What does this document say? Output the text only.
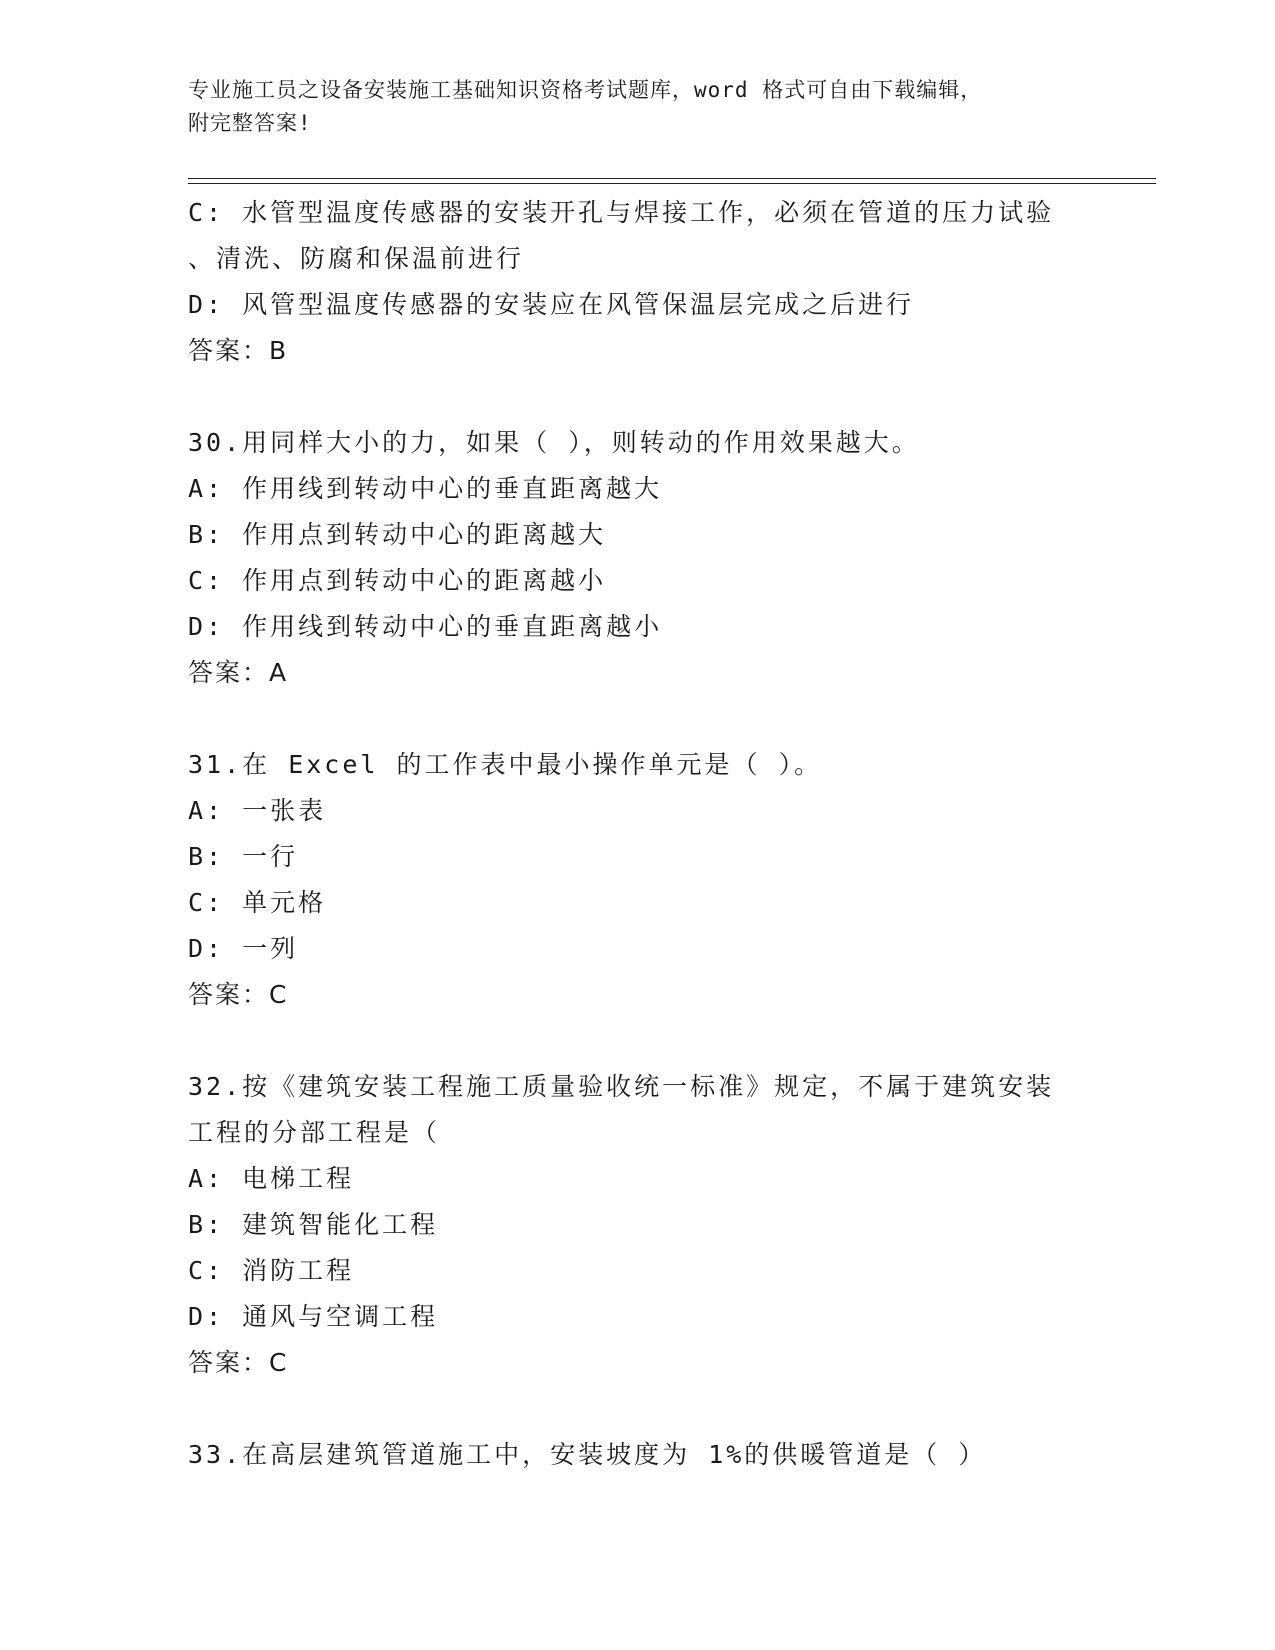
专业施工员之设备安装施工基础知识资格考试题库，word 格式可自由下载编辑，
附完整答案!
C: 水管型温度传感器的安装开孔与焊接工作，必须在管道的压力试验
、清洗、防腐和保温前进行
D: 风管型温度传感器的安装应在风管保温层完成之后进行
答案：B
30.用同样大小的力，如果（ ），则转动的作用效果越大。
A: 作用线到转动中心的垂直距离越大
B: 作用点到转动中心的距离越大
C: 作用点到转动中心的距离越小
D: 作用线到转动中心的垂直距离越小
答案：A
31.在 Excel 的工作表中最小操作单元是（ ）。
A: 一张表
B: 一行
C: 单元格
D: 一列
答案：C
32.按《建筑安装工程施工质量验收统一标准》规定，不属于建筑安装
工程的分部工程是（
A: 电梯工程
B: 建筑智能化工程
C: 消防工程
D: 通风与空调工程
答案：C
33.在高层建筑管道施工中，安装坡度为 1%的供暖管道是（ ）
